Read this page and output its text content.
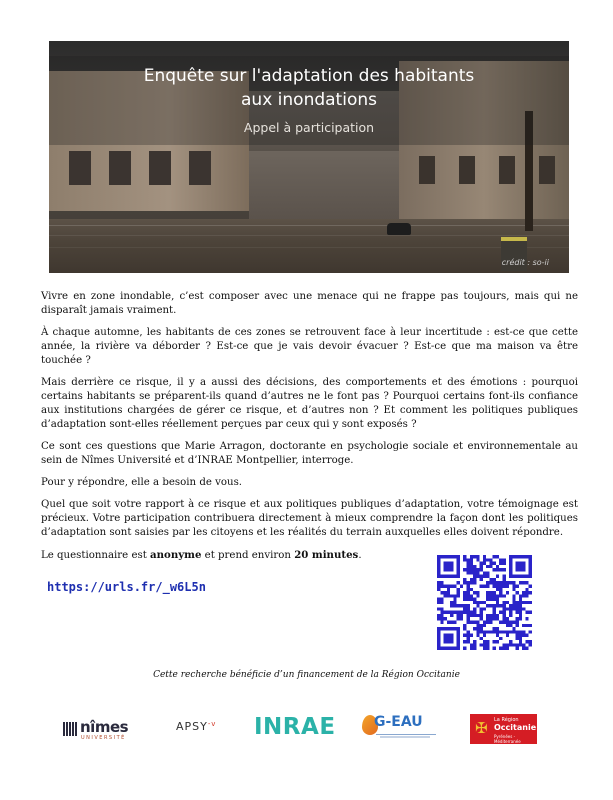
Enquête sur l'adaptation des habitants
aux inondations
Appel à participation
crédit : so-ii

Vivre en zone inondable, c’est composer avec une menace qui ne frappe pas toujours, mais qui ne disparaît jamais vraiment.

À chaque automne, les habitants de ces zones se retrouvent face à leur incertitude : est-ce que cette année, la rivière va déborder ? Est-ce que je vais devoir évacuer ? Est-ce que ma maison va être touchée ?

Mais derrière ce risque, il y a aussi des décisions, des comportements et des émotions : pourquoi certains habitants se préparent-ils quand d’autres ne le font pas ? Pourquoi certains font-ils confiance aux institutions chargées de gérer ce risque, et d’autres non ? Et comment les politiques publiques d’adaptation sont-elles réellement perçues par ceux qui y sont exposés ?

Ce sont ces questions que Marie Arragon, doctorante en psychologie sociale et environnementale au sein de Nîmes Université et d’INRAE Montpellier, interroge.

Pour y répondre, elle a besoin de vous.

Quel que soit votre rapport à ce risque et aux politiques publiques d’adaptation, votre témoignage est précieux. Votre participation contribuera directement à mieux comprendre la façon dont les politiques d’adaptation sont saisies par les citoyens et les réalités du terrain auxquelles elles doivent répondre.

Le questionnaire est anonyme et prend environ 20 minutes.

https://urls.fr/_w6L5n
Cette recherche bénéficie d’un financement de la Région Occitanie
nîmes
UNIVERSITÉ
$APSY^{-v}$ INRAE	G-EAU	✠	La Région
Occitanie
Pyrénées - Méditerranée
